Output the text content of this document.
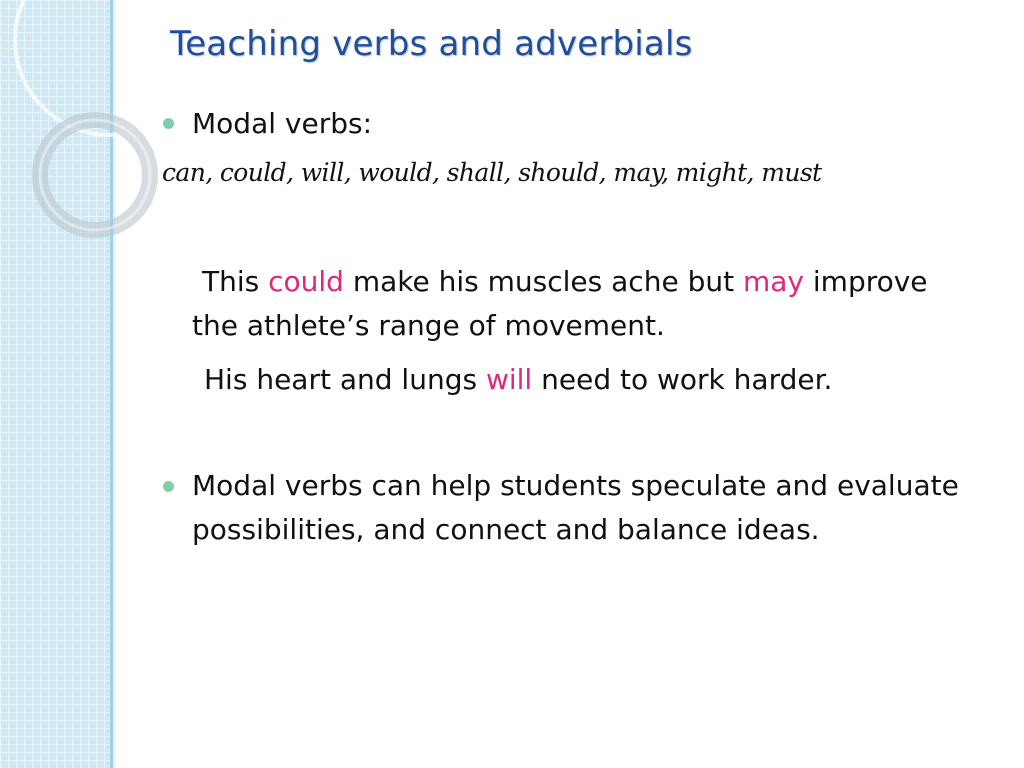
Teaching verbs and adverbials
Modal verbs:
can, could, will, would, shall, should, may, might, must
This could make his muscles ache but may improve
the athlete’s range of movement.
His heart and lungs will need to work harder.
Modal verbs can help students speculate and evaluate
possibilities, and connect and balance ideas.
